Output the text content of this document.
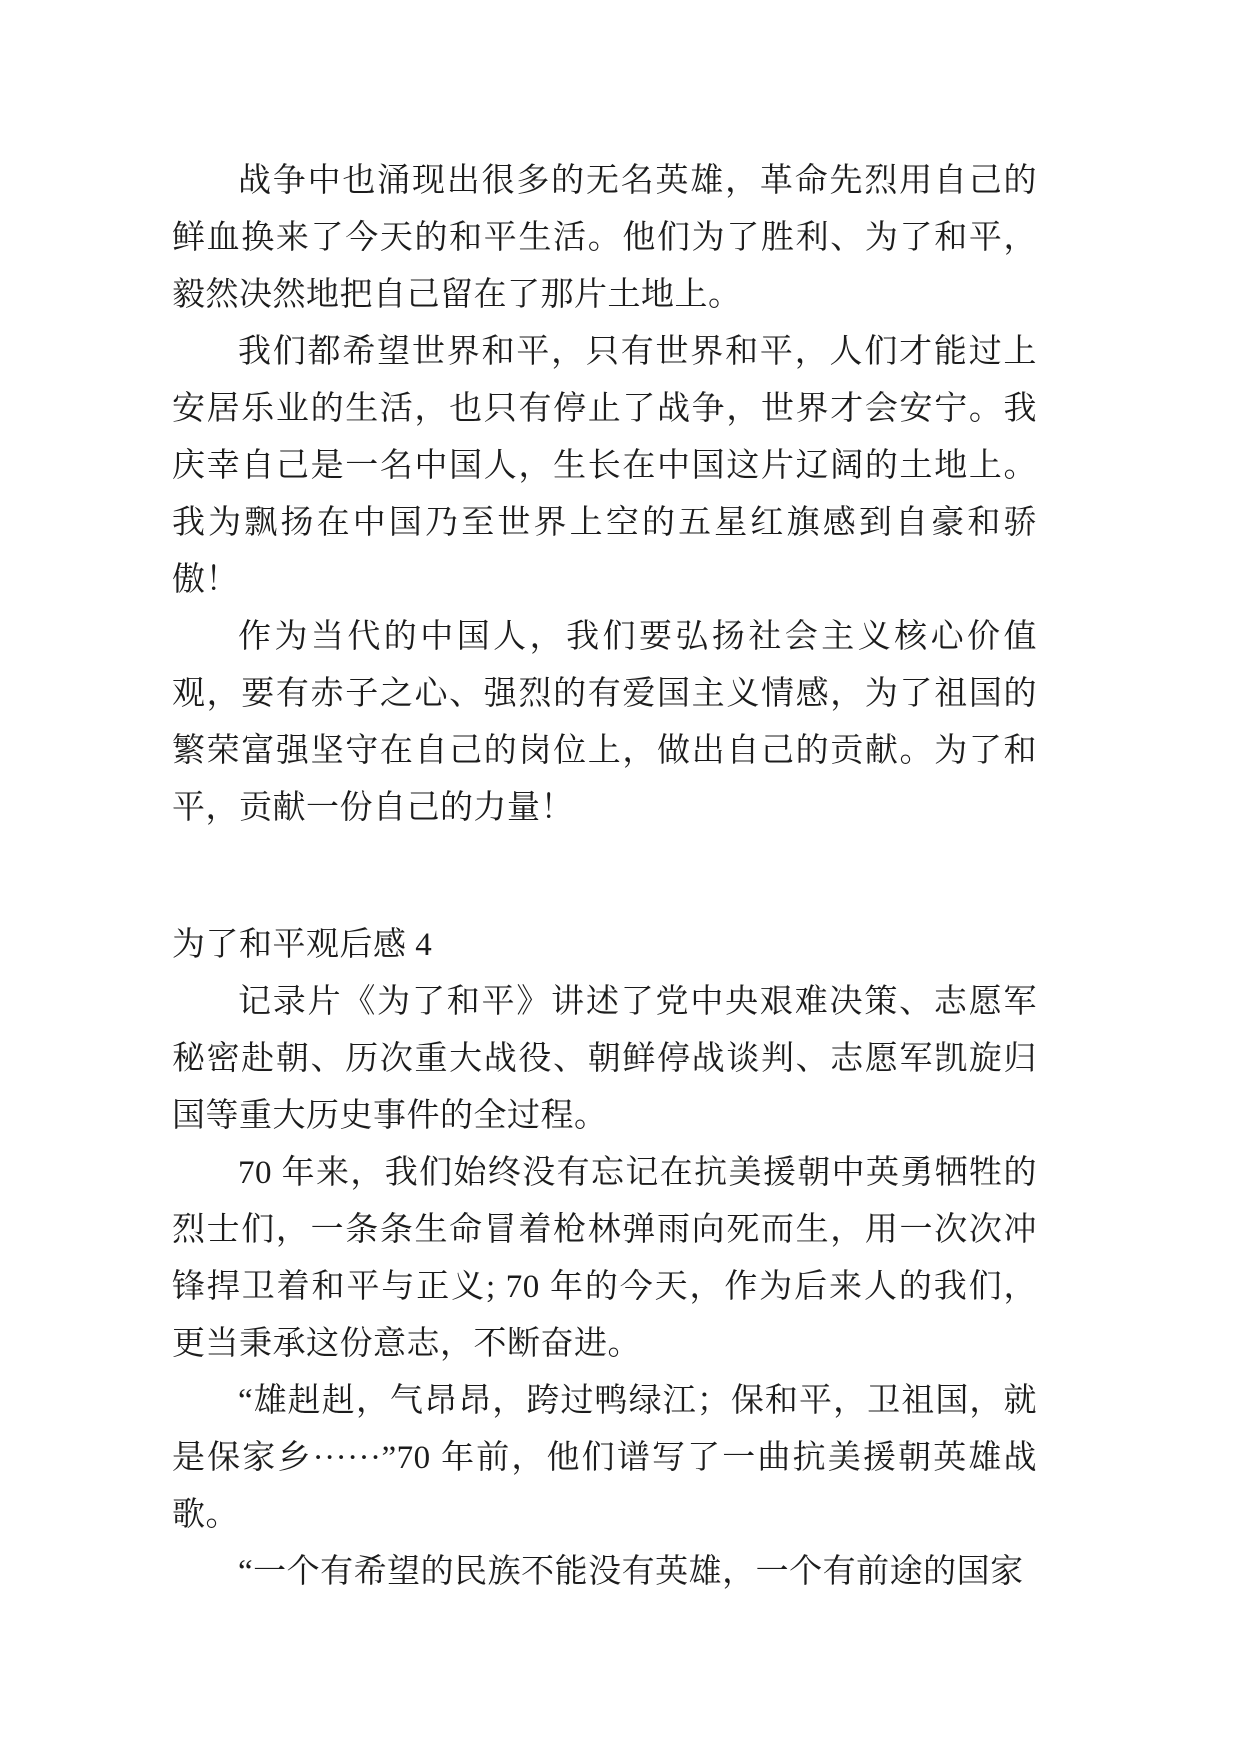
战争中也涌现出很多的无名英雄，革命先烈用自己的鲜血换来了今天的和平生活。他们为了胜利、为了和平，毅然决然地把自己留在了那片土地上。

我们都希望世界和平，只有世界和平，人们才能过上安居乐业的生活，也只有停止了战争，世界才会安宁。我庆幸自己是一名中国人，生长在中国这片辽阔的土地上。我为飘扬在中国乃至世界上空的五星红旗感到自豪和骄傲！

作为当代的中国人，我们要弘扬社会主义核心价值观，要有赤子之心、强烈的有爱国主义情感，为了祖国的繁荣富强坚守在自己的岗位上，做出自己的贡献。为了和平，贡献一份自己的力量！

为了和平观后感 4

记录片《为了和平》讲述了党中央艰难决策、志愿军秘密赴朝、历次重大战役、朝鲜停战谈判、志愿军凯旋归国等重大历史事件的全过程。

70 年来，我们始终没有忘记在抗美援朝中英勇牺牲的烈士们，一条条生命冒着枪林弹雨向死而生，用一次次冲锋捍卫着和平与正义; 70 年的今天，作为后来人的我们，更当秉承这份意志，不断奋进。

“雄赳赳，气昂昂，跨过鸭绿江；保和平，卫祖国，就是保家乡······”70 年前，他们谱写了一曲抗美援朝英雄战歌。

“一个有希望的民族不能没有英雄，一个有前途的国家
